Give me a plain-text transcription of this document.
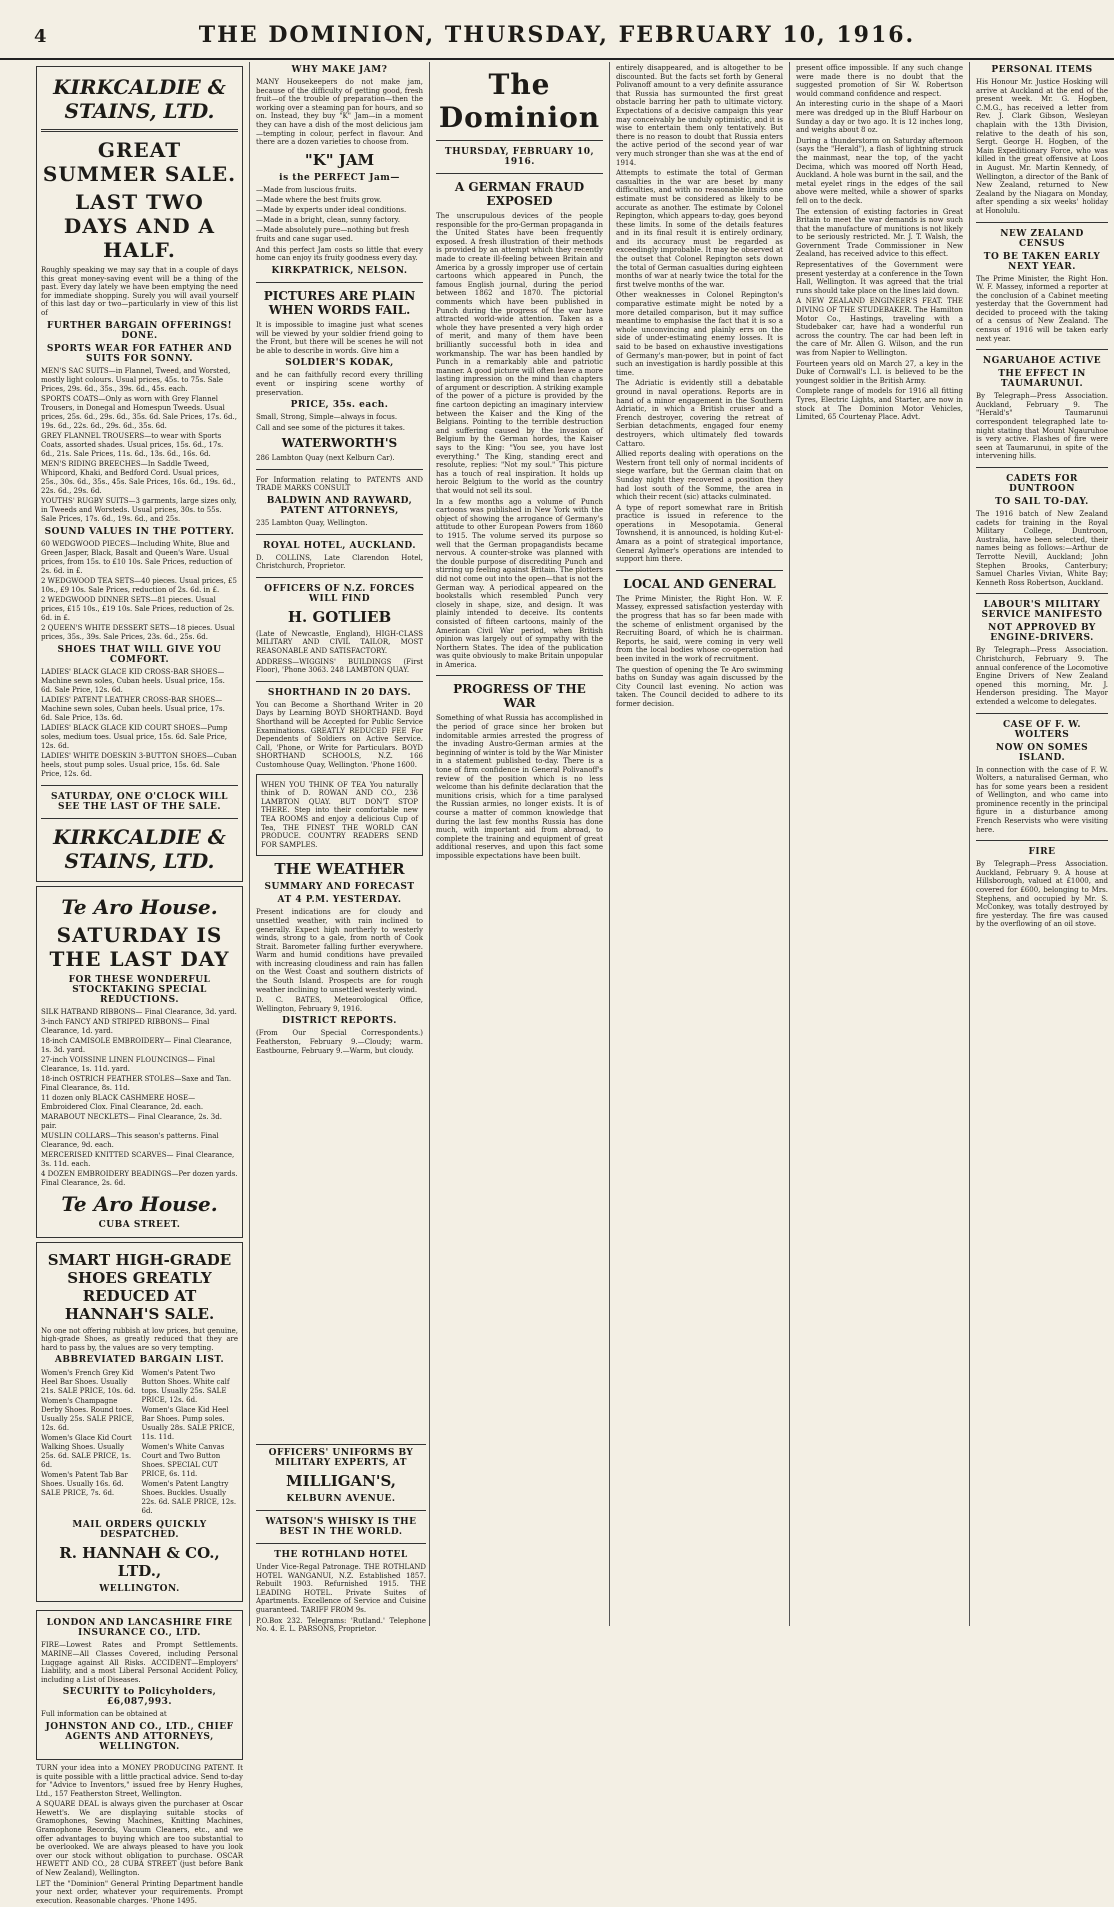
4	THE DOMINION, THURSDAY, FEBRUARY 10, 1916.
KIRKCALDIE & STAINS, LTD.
GREAT SUMMER SALE.
LAST TWO DAYS AND A HALF.

Roughly speaking we may say that in a couple of days this great money-saving event will be a thing of the past. Every day lately we have been emptying the need for immediate shopping. Surely you will avail yourself of this last day or two—particularly in view of this list of

FURTHER BARGAIN OFFERINGS! DONE.
SPORTS WEAR FOR FATHER AND SUITS FOR SONNY.
MEN'S SAC SUITS—in Flannel, Tweed, and Worsted, mostly light colours. Usual prices, 45s. to 75s. Sale Prices, 29s. 6d., 35s., 39s. 6d., 45s. each.
SPORTS COATS—Only as worn with Grey Flannel Trousers, in Donegal and Homespun Tweeds. Usual prices, 25s. 6d., 29s. 6d., 35s. 6d. Sale Prices, 17s. 6d., 19s. 6d., 22s. 6d., 29s. 6d., 35s. 6d.
GREY FLANNEL TROUSERS—to wear with Sports Coats, assorted shades. Usual prices, 15s. 6d., 17s. 6d., 21s. Sale Prices, 11s. 6d., 13s. 6d., 16s. 6d.
MEN'S RIDING BREECHES—In Saddle Tweed, Whipcord, Khaki, and Bedford Cord. Usual prices, 25s., 30s. 6d., 35s., 45s. Sale Prices, 16s. 6d., 19s. 6d., 22s. 6d., 29s. 6d.
YOUTHS' RUGBY SUITS—3 garments, large sizes only, in Tweeds and Worsteds. Usual prices, 30s. to 55s. Sale Prices, 17s. 6d., 19s. 6d., and 25s.
SOUND VALUES IN THE POTTERY.
60 WEDGWOOD PIECES—Including White, Blue and Green Jasper, Black, Basalt and Queen's Ware. Usual prices, from 15s. to £10 10s. Sale Prices, reduction of 2s. 6d. in £.
2 WEDGWOOD TEA SETS—40 pieces. Usual prices, £5 10s., £9 10s. Sale Prices, reduction of 2s. 6d. in £.
2 WEDGWOOD DINNER SETS—81 pieces. Usual prices, £15 10s., £19 10s. Sale Prices, reduction of 2s. 6d. in £.
2 QUEEN'S WHITE DESSERT SETS—18 pieces. Usual prices, 35s., 39s. Sale Prices, 23s. 6d., 25s. 6d.
SHOES THAT WILL GIVE YOU COMFORT.
LADIES' BLACK GLACE KID CROSS-BAR SHOES—Machine sewn soles, Cuban heels. Usual price, 15s. 6d. Sale Price, 12s. 6d.
LADIES' PATENT LEATHER CROSS-BAR SHOES—Machine sewn soles, Cuban heels. Usual price, 17s. 6d. Sale Price, 13s. 6d.
LADIES' BLACK GLACE KID COURT SHOES—Pump soles, medium toes. Usual price, 15s. 6d. Sale Price, 12s. 6d.
LADIES' WHITE DOESKIN 3-BUTTON SHOES—Cuban heels, stout pump soles. Usual price, 15s. 6d. Sale Price, 12s. 6d.
SATURDAY, ONE O'CLOCK WILL SEE THE LAST OF THE SALE.
KIRKCALDIE & STAINS, LTD.
Te Aro House.
SATURDAY IS THE LAST DAY
FOR THESE WONDERFUL STOCKTAKING SPECIAL REDUCTIONS.
SILK HATBAND RIBBONS— Final Clearance, 3d. yard.
3-inch FANCY AND STRIPED RIBBONS— Final Clearance, 1d. yard.
18-inch CAMISOLE EMBROIDERY— Final Clearance, 1s. 3d. yard.
27-inch VOISSINE LINEN FLOUNCINGS— Final Clearance, 1s. 11d. yard.
18-inch OSTRICH FEATHER STOLES—Saxe and Tan. Final Clearance, 8s. 11d.
11 dozen only BLACK CASHMERE HOSE—Embroidered Clox. Final Clearance, 2d. each.
MARABOUT NECKLETS— Final Clearance, 2s. 3d. pair.
MUSLIN COLLARS—This season's patterns. Final Clearance, 9d. each.
MERCERISED KNITTED SCARVES— Final Clearance, 3s. 11d. each.
4 DOZEN EMBROIDERY BEADINGS—Per dozen yards. Final Clearance, 2s. 6d.
Te Aro House.
CUBA STREET.
SMART HIGH-GRADE SHOES GREATLY REDUCED AT HANNAH'S SALE.

No one not offering rubbish at low prices, but genuine, high-grade Shoes, as greatly reduced that they are hard to pass by, the values are so very tempting.

ABBREVIATED BARGAIN LIST.
Women's French Grey Kid Heel Bar Shoes. Usually 21s. SALE PRICE, 10s. 6d.
Women's Champagne Derby Shoes. Round toes. Usually 25s. SALE PRICE, 12s. 6d.
Women's Glace Kid Court Walking Shoes. Usually 25s. 6d. SALE PRICE, 1s. 6d.
Women's Patent Tab Bar Shoes. Usually 16s. 6d. SALE PRICE, 7s. 6d.
Women's Patent Two Button Shoes. White calf tops. Usually 25s. SALE PRICE, 12s. 6d.
Women's Glace Kid Heel Bar Shoes. Pump soles. Usually 28s. SALE PRICE, 11s. 11d.
Women's White Canvas Court and Two Button Shoes. SPECIAL CUT PRICE, 6s. 11d.
Women's Patent Langtry Shoes. Buckles. Usually 22s. 6d. SALE PRICE, 12s. 6d.
MAIL ORDERS QUICKLY DESPATCHED.
R. HANNAH & CO., LTD.,
WELLINGTON.
LONDON AND LANCASHIRE FIRE INSURANCE CO., LTD.

FIRE—Lowest Rates and Prompt Settlements. MARINE—All Classes Covered, including Personal Luggage against All Risks. ACCIDENT—Employers' Liability, and a most Liberal Personal Accident Policy, including a List of Diseases.

SECURITY to Policyholders, £6,087,993.

Full information can be obtained at

JOHNSTON AND CO., LTD., CHIEF AGENTS AND ATTORNEYS, WELLINGTON.

TURN your idea into a MONEY PRODUCING PATENT. It is quite possible with a little practical advice. Send to-day for "Advice to Inventors," issued free by Henry Hughes, Ltd., 157 Featherston Street, Wellington.

A SQUARE DEAL is always given the purchaser at Oscar Hewett's. We are displaying suitable stocks of Gramophones, Sewing Machines, Knitting Machines, Gramophone Records, Vacuum Cleaners, etc., and we offer advantages to buying which are too substantial to be overlooked. We are always pleased to have you look over our stock without obligation to purchase. OSCAR HEWETT AND CO., 28 CUBA STREET (just before Bank of New Zealand), Wellington.

LET the "Dominion" General Printing Department handle your next order, whatever your requirements. Prompt execution. Reasonable charges. 'Phone 1495.

WHY MAKE JAM?

MANY Housekeepers do not make jam, because of the difficulty of getting good, fresh fruit—of the trouble of preparation—then the working over a steaming pan for hours, and so on. Instead, they buy "K" Jam—in a moment they can have a dish of the most delicious jam—tempting in colour, perfect in flavour. And there are a dozen varieties to choose from.

"K" JAM
is the PERFECT Jam—
—Made from luscious fruits.
—Made where the best fruits grow.
—Made by experts under ideal conditions.
—Made in a bright, clean, sunny factory.
—Made absolutely pure—nothing but fresh fruits and cane sugar used.

And this perfect Jam costs so little that every home can enjoy its fruity goodness every day.

KIRKPATRICK, NELSON.
PICTURES ARE PLAIN WHEN WORDS FAIL.

It is impossible to imagine just what scenes will be viewed by your soldier friend going to the Front, but there will be scenes he will not be able to describe in words. Give him a

SOLDIER'S KODAK,

and he can faithfully record every thrilling event or inspiring scene worthy of preservation.

PRICE, 35s. each.

Small, Strong, Simple—always in focus.

Call and see some of the pictures it takes.

WATERWORTH'S

286 Lambton Quay (next Kelburn Car).

For Information relating to PATENTS AND TRADE MARKS CONSULT

BALDWIN AND RAYWARD, PATENT ATTORNEYS,

235 Lambton Quay, Wellington.

ROYAL HOTEL, AUCKLAND.

D. COLLINS, Late Clarendon Hotel, Christchurch, Proprietor.

OFFICERS OF N.Z. FORCES WILL FIND
H. GOTLIEB

(Late of Newcastle, England), HIGH-CLASS MILITARY AND CIVIL TAILOR, MOST REASONABLE AND SATISFACTORY.

ADDRESS—WIGGINS' BUILDINGS (First Floor), 'Phone 3063. 248 LAMBTON QUAY.

SHORTHAND IN 20 DAYS.

You can Become a Shorthand Writer in 20 Days by Learning BOYD SHORTHAND. Boyd Shorthand will be Accepted for Public Service Examinations. GREATLY REDUCED FEE For Dependents of Soldiers on Active Service. Call, 'Phone, or Write for Particulars. BOYD SHORTHAND SCHOOLS, N.Z. 166 Customhouse Quay, Wellington. 'Phone 1600.

WHEN YOU THINK OF TEA You naturally think of D. ROWAN AND CO., 236 LAMBTON QUAY. BUT DON'T STOP THERE. Step into their comfortable new TEA ROOMS and enjoy a delicious Cup of Tea, THE FINEST THE WORLD CAN PRODUCE. COUNTRY READERS SEND FOR SAMPLES.

THE WEATHER
SUMMARY AND FORECAST
AT 4 P.M. YESTERDAY.

Present indications are for cloudy and unsettled weather, with rain inclined to generally. Expect high northerly to westerly winds, strong to a gale, from north of Cook Strait. Barometer falling further everywhere. Warm and humid conditions have prevailed with increasing cloudiness and rain has fallen on the West Coast and southern districts of the South Island. Prospects are for rough weather inclining to unsettled westerly wind.

D. C. BATES, Meteorological Office, Wellington, February 9, 1916.

DISTRICT REPORTS.

(From Our Special Correspondents.) Featherston, February 9.—Cloudy; warm. Eastbourne, February 9.—Warm, but cloudy.

The Dominion
THURSDAY, FEBRUARY 10, 1916.
A GERMAN FRAUD EXPOSED

The unscrupulous devices of the people responsible for the pro-German propaganda in the United States have been frequently exposed. A fresh illustration of their methods is provided by an attempt which they recently made to create ill-feeling between Britain and America by a grossly improper use of certain cartoons which appeared in Punch, the famous English journal, during the period between 1862 and 1870. The pictorial comments which have been published in Punch during the progress of the war have attracted world-wide attention. Taken as a whole they have presented a very high order of merit, and many of them have been brilliantly successful both in idea and workmanship. The war has been handled by Punch in a remarkably able and patriotic manner. A good picture will often leave a more lasting impression on the mind than chapters of argument or description. A striking example of the power of a picture is provided by the fine cartoon depicting an imaginary interview between the Kaiser and the King of the Belgians. Pointing to the terrible destruction and suffering caused by the invasion of Belgium by the German hordes, the Kaiser says to the King: "You see, you have lost everything." The King, standing erect and resolute, replies: "Not my soul." This picture has a touch of real inspiration. It holds up heroic Belgium to the world as the country that would not sell its soul.

In a few months ago a volume of Punch cartoons was published in New York with the object of showing the arrogance of Germany's attitude to other European Powers from 1860 to 1915. The volume served its purpose so well that the German propagandists became nervous. A counter-stroke was planned with the double purpose of discrediting Punch and stirring up feeling against Britain. The plotters did not come out into the open—that is not the German way. A periodical appeared on the bookstalls which resembled Punch very closely in shape, size, and design. It was plainly intended to deceive. Its contents consisted of fifteen cartoons, mainly of the American Civil War period, when British opinion was largely out of sympathy with the Northern States. The idea of the publication was quite obviously to make Britain unpopular in America.

PROGRESS OF THE WAR

Something of what Russia has accomplished in the period of grace since her broken but indomitable armies arrested the progress of the invading Austro-German armies at the beginning of winter is told by the War Minister in a statement published to-day. There is a tone of firm confidence in General Polivanoff's review of the position which is no less welcome than his definite declaration that the munitions crisis, which for a time paralysed the Russian armies, no longer exists. It is of course a matter of common knowledge that during the last few months Russia has done much, with important aid from abroad, to complete the training and equipment of great additional reserves, and upon this fact some impossible expectations have been built.

entirely disappeared, and is altogether to be discounted. But the facts set forth by General Polivanoff amount to a very definite assurance that Russia has surmounted the first great obstacle barring her path to ultimate victory. Expectations of a decisive campaign this year may conceivably be unduly optimistic, and it is wise to entertain them only tentatively. But there is no reason to doubt that Russia enters the active period of the second year of war very much stronger than she was at the end of 1914.

Attempts to estimate the total of German casualties in the war are beset by many difficulties, and with no reasonable limits one estimate must be considered as likely to be accurate as another. The estimate by Colonel Repington, which appears to-day, goes beyond these limits. In some of the details features and in its final result it is entirely ordinary, and its accuracy must be regarded as exceedingly improbable. It may be observed at the outset that Colonel Repington sets down the total of German casualties during eighteen months of war at nearly twice the total for the first twelve months of the war.

Other weaknesses in Colonel Repington's comparative estimate might be noted by a more detailed comparison, but it may suffice meantime to emphasise the fact that it is so a whole unconvincing and plainly errs on the side of under-estimating enemy losses. It is said to be based on exhaustive investigations of Germany's man-power, but in point of fact such an investigation is hardly possible at this time.

The Adriatic is evidently still a debatable ground in naval operations. Reports are in hand of a minor engagement in the Southern Adriatic, in which a British cruiser and a French destroyer, covering the retreat of Serbian detachments, engaged four enemy destroyers, which ultimately fled towards Cattaro.

Allied reports dealing with operations on the Western front tell only of normal incidents of siege warfare, but the German claim that on Sunday night they recovered a position they had lost south of the Somme, the area in which their recent (sic) attacks culminated.

A type of report somewhat rare in British practice is issued in reference to the operations in Mesopotamia. General Townshend, it is announced, is holding Kut-el-Amara as a point of strategical importance, General Aylmer's operations are intended to support him there.

LOCAL AND GENERAL

The Prime Minister, the Right Hon. W. F. Massey, expressed satisfaction yesterday with the progress that has so far been made with the scheme of enlistment organised by the Recruiting Board, of which he is chairman. Reports, he said, were coming in very well from the local bodies whose co-operation had been invited in the work of recruitment.

The question of opening the Te Aro swimming baths on Sunday was again discussed by the City Council last evening. No action was taken. The Council decided to adhere to its former decision.

present office impossible. If any such change were made there is no doubt that the suggested promotion of Sir W. Robertson would command confidence and respect.

An interesting curio in the shape of a Maori mere was dredged up in the Bluff Harbour on Sunday a day or two ago. It is 12 inches long, and weighs about 8 oz.

During a thunderstorm on Saturday afternoon (says the "Herald"), a flash of lightning struck the mainmast, near the top, of the yacht Decima, which was moored off North Head, Auckland. A hole was burnt in the sail, and the metal eyelet rings in the edges of the sail above were melted, while a shower of sparks fell on to the deck.

The extension of existing factories in Great Britain to meet the war demands is now such that the manufacture of munitions is not likely to be seriously restricted. Mr. J. T. Walsh, the Government Trade Commissioner in New Zealand, has received advice to this effect.

Representatives of the Government were present yesterday at a conference in the Town Hall, Wellington. It was agreed that the trial runs should take place on the lines laid down.

A NEW ZEALAND ENGINEER'S FEAT. THE DIVING OF THE STUDEBAKER. The Hamilton Motor Co., Hastings, traveling with a Studebaker car, have had a wonderful run across the country. The car had been left in the care of Mr. Allen G. Wilson, and the run was from Napier to Wellington.

Fourteen years old on March 27, a key in the Duke of Cornwall's L.I. is believed to be the youngest soldier in the British Army.

Complete range of models for 1916 all fitting Tyres, Electric Lights, and Starter, are now in stock at The Dominion Motor Vehicles, Limited, 65 Courtenay Place. Advt.

PERSONAL ITEMS

His Honour Mr. Justice Hosking will arrive at Auckland at the end of the present week. Mr. G. Hogben, C.M.G., has received a letter from Rev. J. Clark Gibson, Wesleyan chaplain with the 13th Division, relative to the death of his son, Sergt. George H. Hogben, of the Main Expeditionary Force, who was killed in the great offensive at Loos in August. Mr. Martin Kennedy, of Wellington, a director of the Bank of New Zealand, returned to New Zealand by the Niagara on Monday, after spending a six weeks' holiday at Honolulu.

NEW ZEALAND CENSUS
TO BE TAKEN EARLY NEXT YEAR.

The Prime Minister, the Right Hon. W. F. Massey, informed a reporter at the conclusion of a Cabinet meeting yesterday that the Government had decided to proceed with the taking of a census of New Zealand. The census of 1916 will be taken early next year.

NGARUAHOE ACTIVE
THE EFFECT IN TAUMARUNUI.

By Telegraph—Press Association. Auckland, February 9. The "Herald's" Taumarunui correspondent telegraphed late to-night stating that Mount Ngauruhoe is very active. Flashes of fire were seen at Taumarunui, in spite of the intervening hills.

CADETS FOR DUNTROON
TO SAIL TO-DAY.

The 1916 batch of New Zealand cadets for training in the Royal Military College, Duntroon, Australia, have been selected, their names being as follows:—Arthur de Terrotte Nevill, Auckland; John Stephen Brooks, Canterbury; Samuel Charles Vivian, White Bay; Kenneth Ross Robertson, Auckland.

LABOUR'S MILITARY SERVICE MANIFESTO
NOT APPROVED BY ENGINE-DRIVERS.

By Telegraph—Press Association. Christchurch, February 9. The annual conference of the Locomotive Engine Drivers of New Zealand opened this morning, Mr. J. Henderson presiding. The Mayor extended a welcome to delegates.

CASE OF F. W. WOLTERS
NOW ON SOMES ISLAND.

In connection with the case of F. W. Wolters, a naturalised German, who has for some years been a resident of Wellington, and who came into prominence recently in the principal figure in a disturbance among French Reservists who were visiting here.

FIRE

By Telegraph—Press Association. Auckland, February 9. A house at Hillsborough, valued at £1000, and covered for £600, belonging to Mrs. Stephens, and occupied by Mr. S. McConkey, was totally destroyed by fire yesterday. The fire was caused by the overflowing of an oil stove.

OFFICERS' UNIFORMS BY MILITARY EXPERTS, AT
MILLIGAN'S,
KELBURN AVENUE.
WATSON'S WHISKY IS THE BEST IN THE WORLD.
THE ROTHLAND HOTEL

Under Vice-Regal Patronage. THE ROTHLAND HOTEL WANGANUI, N.Z. Established 1857. Rebuilt 1903. Refurnished 1915. THE LEADING HOTEL. Private Suites of Apartments. Excellence of Service and Cuisine guaranteed. TARIFF FROM 9s.

P.O.Box 232. Telegrams: 'Rutland.' Telephone No. 4. E. L. PARSONS, Proprietor.
